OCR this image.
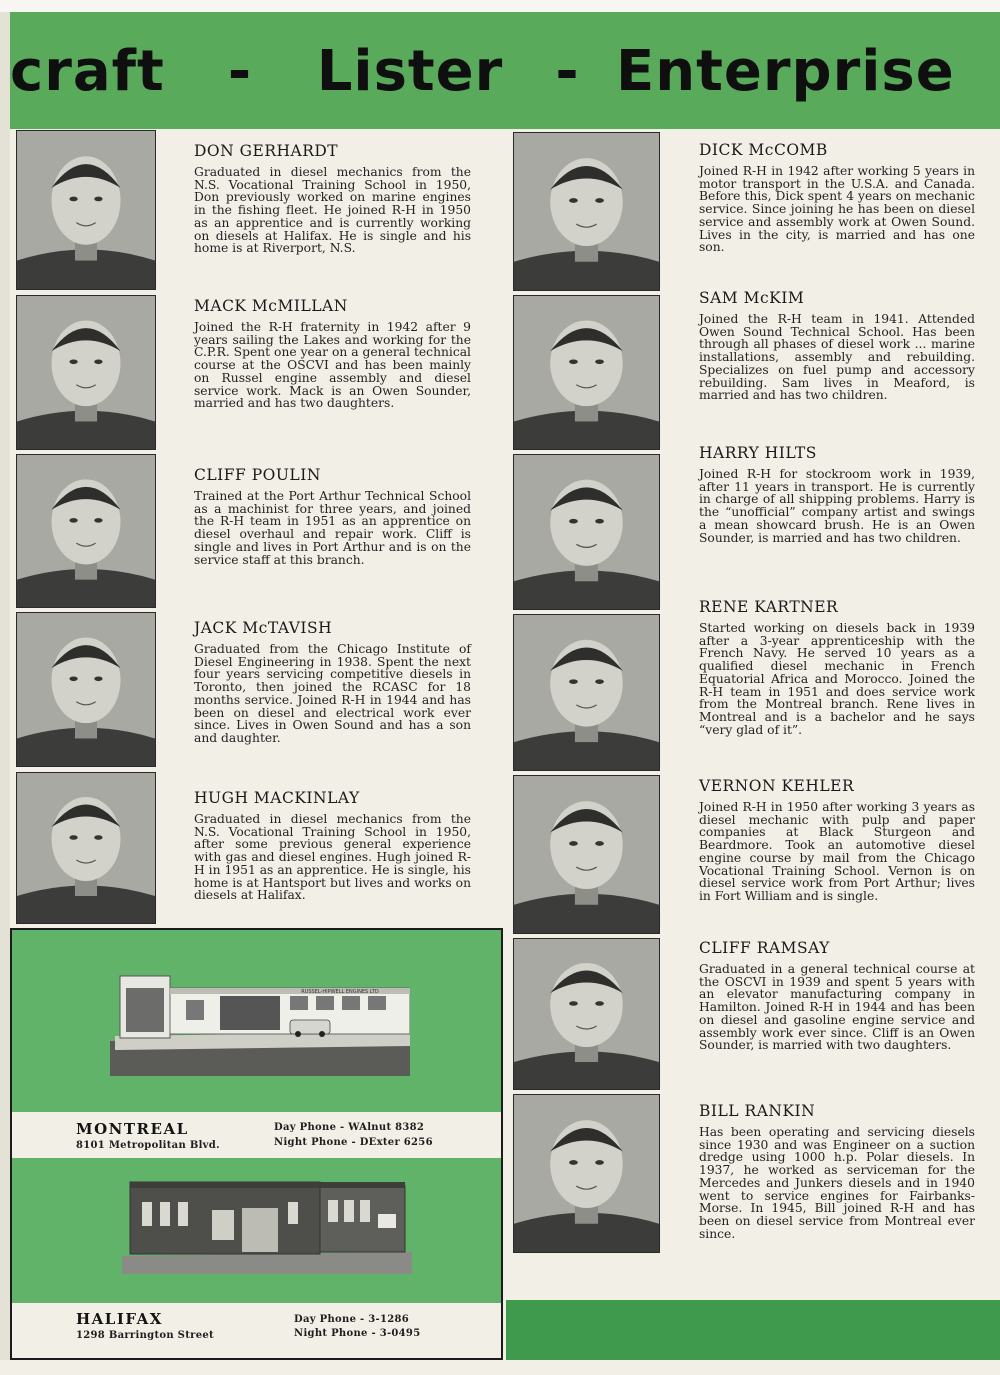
craft - Lister - Enterprise
DON GERHARDT
Graduated in diesel mechanics from the N.S. Vocational Training School in 1950, Don previously worked on marine engines in the fishing fleet. He joined R-H in 1950 as an apprentice and is currently working on diesels at Halifax. He is single and his home is at Riverport, N.S.
MACK McMILLAN
Joined the R-H fraternity in 1942 after 9 years sailing the Lakes and working for the C.P.R. Spent one year on a general technical course at the OSCVI and has been mainly on Russel engine assembly and diesel service work. Mack is an Owen Sounder, married and has two daughters.
CLIFF POULIN
Trained at the Port Arthur Technical School as a machinist for three years, and joined the R-H team in 1951 as an apprentice on diesel overhaul and repair work. Cliff is single and lives in Port Arthur and is on the service staff at this branch.
JACK McTAVISH
Graduated from the Chicago Institute of Diesel Engineering in 1938. Spent the next four years servicing competitive diesels in Toronto, then joined the RCASC for 18 months service. Joined R-H in 1944 and has been on diesel and electrical work ever since. Lives in Owen Sound and has a son and daughter.
HUGH MACKINLAY
Graduated in diesel mechanics from the N.S. Vocational Training School in 1950, after some previous general experience with gas and diesel engines. Hugh joined R-H in 1951 as an apprentice. He is single, his home is at Hantsport but lives and works on diesels at Halifax.
DICK McCOMB
Joined R-H in 1942 after working 5 years in motor transport in the U.S.A. and Canada. Before this, Dick spent 4 years on mechanic service. Since joining he has been on diesel service and assembly work at Owen Sound. Lives in the city, is married and has one son.
SAM McKIM
Joined the R-H team in 1941. Attended Owen Sound Technical School. Has been through all phases of diesel work ... marine installations, assembly and rebuilding. Specializes on fuel pump and accessory rebuilding. Sam lives in Meaford, is married and has two children.
HARRY HILTS
Joined R-H for stockroom work in 1939, after 11 years in transport. He is currently in charge of all shipping problems. Harry is the “unofficial” company artist and swings a mean showcard brush. He is an Owen Sounder, is married and has two children.
RENE KARTNER
Started working on diesels back in 1939 after a 3-year apprenticeship with the French Navy. He served 10 years as a qualified diesel mechanic in French Equatorial Africa and Morocco. Joined the R-H team in 1951 and does service work from the Montreal branch. Rene lives in Montreal and is a bachelor and he says “very glad of it”.
VERNON KEHLER
Joined R-H in 1950 after working 3 years as diesel mechanic with pulp and paper companies at Black Sturgeon and Beardmore. Took an automotive diesel engine course by mail from the Chicago Vocational Training School. Vernon is on diesel service work from Port Arthur; lives in Fort William and is single.
CLIFF RAMSAY
Graduated in a general technical course at the OSCVI in 1939 and spent 5 years with an elevator manufacturing company in Hamilton. Joined R-H in 1944 and has been on diesel and gasoline engine service and assembly work ever since. Cliff is an Owen Sounder, is married with two daughters.
BILL RANKIN
Has been operating and servicing diesels since 1930 and was Engineer on a suction dredge using 1000 h.p. Polar diesels. In 1937, he worked as serviceman for the Mercedes and Junkers diesels and in 1940 went to service engines for Fairbanks-Morse. In 1945, Bill joined R-H and has been on diesel service from Montreal ever since.
RUSSEL-HIPWELL ENGINES LTD
MONTREAL
8101 Metropolitan Blvd.
Day Phone - WAlnut 8382
Night Phone - DExter 6256
HALIFAX
1298 Barrington Street
Day Phone - 3-1286
Night Phone - 3-0495
